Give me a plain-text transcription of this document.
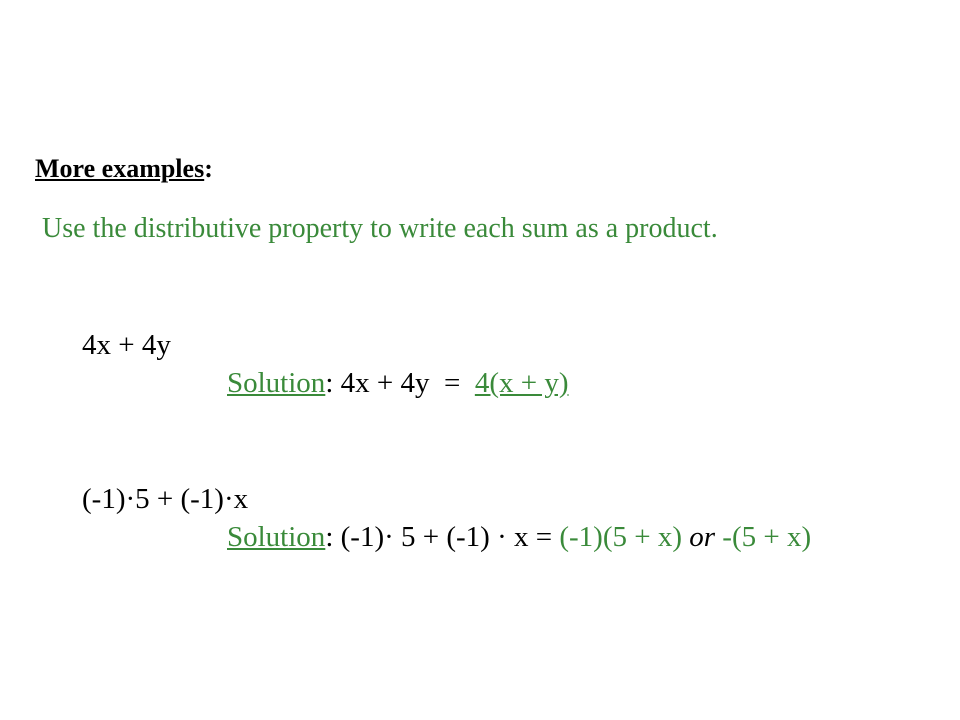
More examples:
Use the distributive property to write each sum as a product.
4x + 4y
Solution: 4x + 4y  =  4(x + y)
(-1)·5 + (-1)·x
Solution: (-1)· 5 + (-1) · x = (-1)(5 + x) or -(5 + x)
